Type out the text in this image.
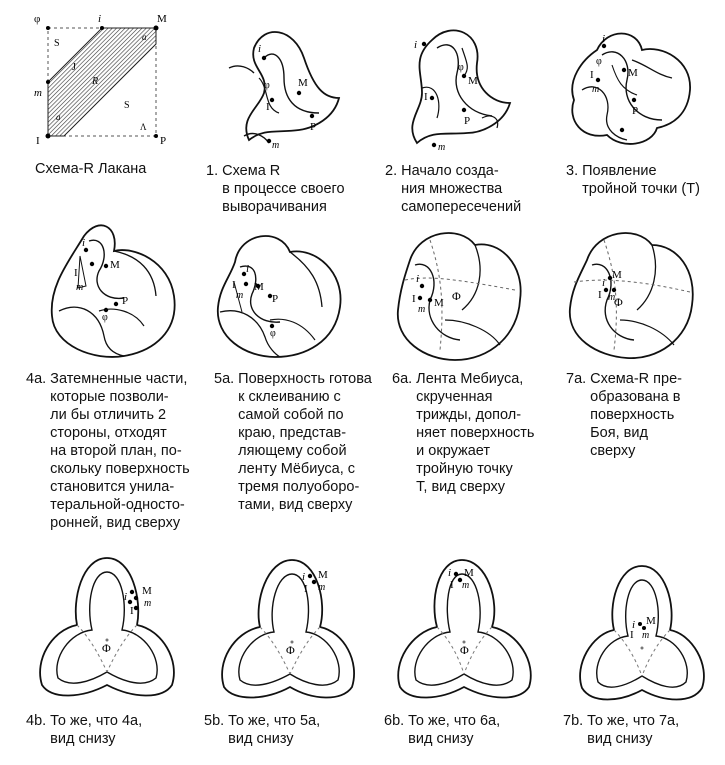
φ	i	M
S
a
R
J
S
m
a
I
Λ
P
Схема-R Лакана
i
φ	M
I
P
m
1. Схема R
в процессе своего
выворачивания
i
φ
M
I
P
m
2. Начало созда-
ния множества
самопересечений
i
φ
M
I
m
P
3. Появление
тройной точки (T)
i
I
m
M
φ
P
4a. Затемненные части,
которые позволи-
ли бы отличить 2
стороны, отходят
на второй план, по-
скольку поверхность
становится унила-
теральной-односто-
ронней, вид сверху
i
I
m
M
P
φ
5a. Поверхность готова
к склеиванию с
самой собой по
краю, представ-
ляющему собой
ленту Мёбиуса, с
тремя полуоборо-
тами, вид сверху
i
I
m
M Φ
6a. Лента Мебиуса,
скрученная
трижды, допол-
няет поверхность
и окружает
тройную точку
T, вид сверху
i
M
I m
Φ
7a. Схема-R пре-
образована в
поверхность
Боя, вид
сверху
i M
m
I
Φ
4b. То же, что 4a,
вид снизу
i M
m
I
Φ
5b. То же, что 5a,
вид снизу
i M
I m
Φ
6b. То же, что 6a,
вид снизу
i M
I m
7b. То же, что 7a,
вид снизу
